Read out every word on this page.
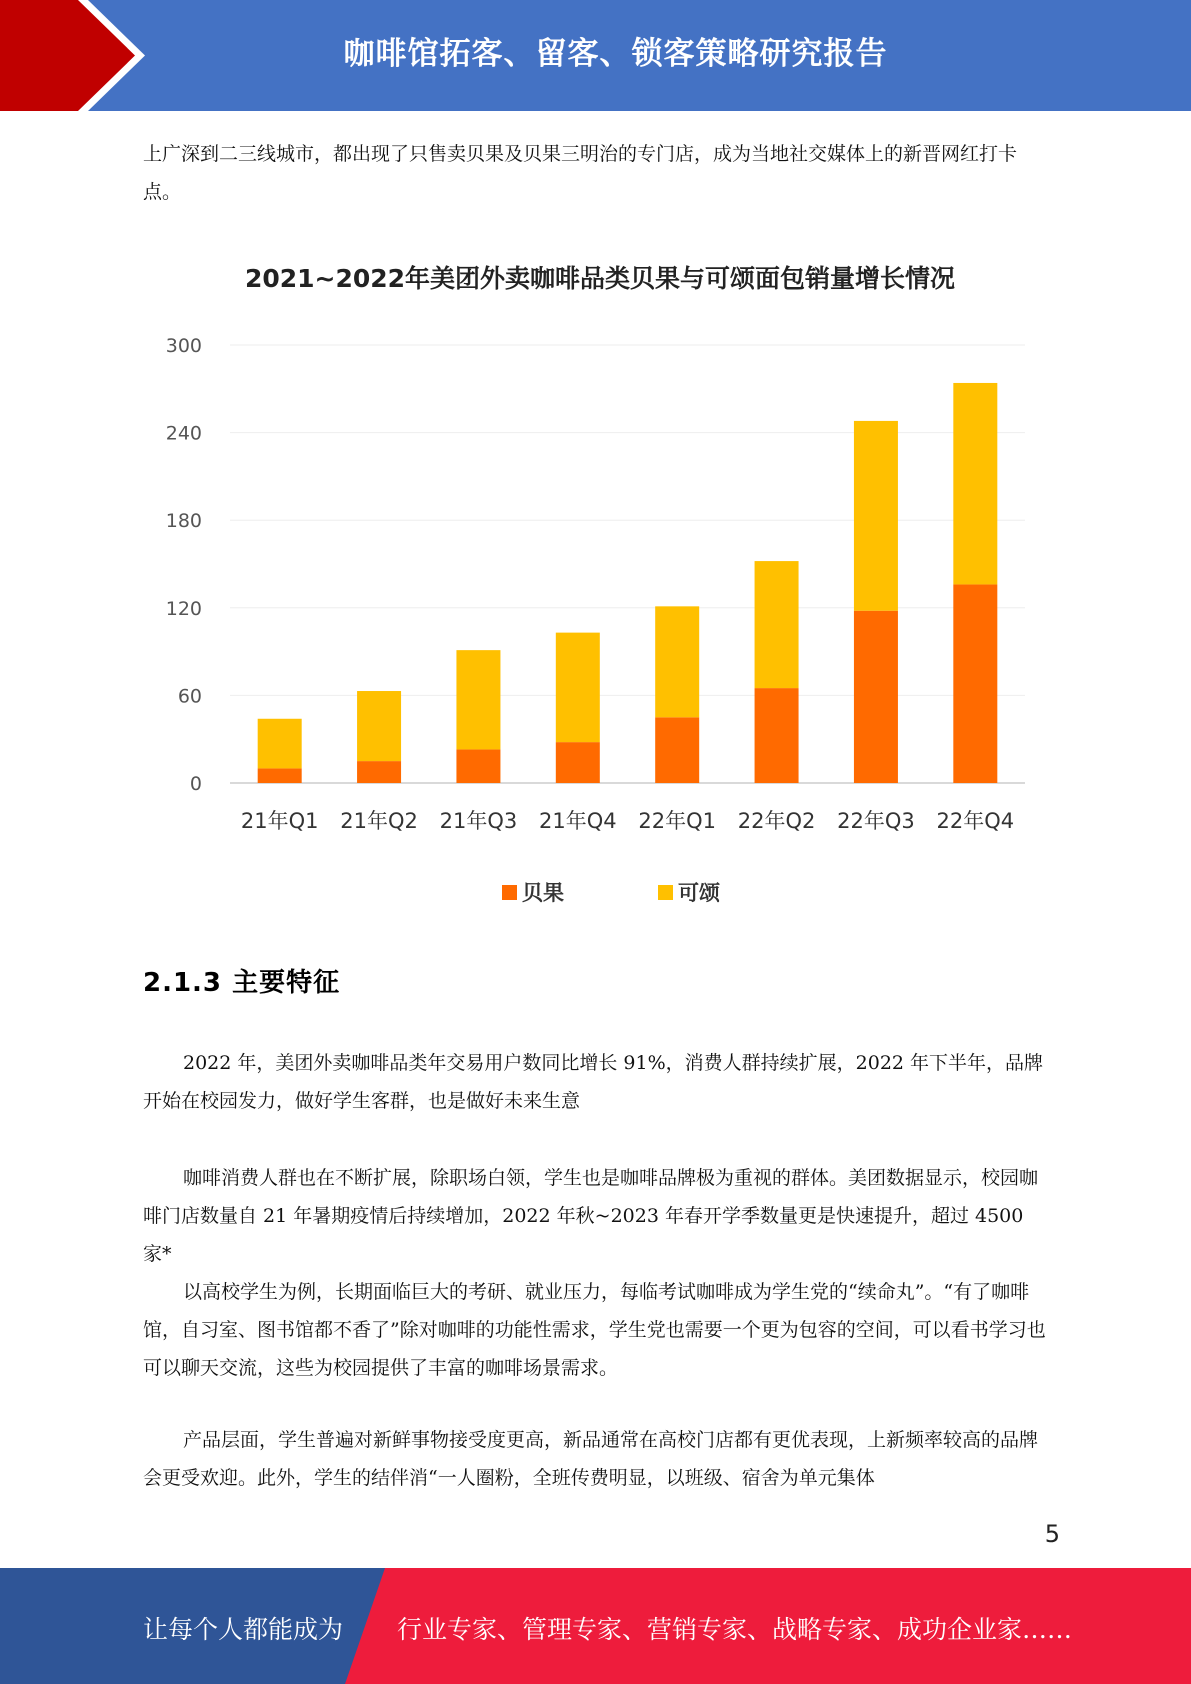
咖啡馆拓客、留客、锁客策略研究报告

上广深到二三线城市，都出现了只售卖贝果及贝果三明治的专门店，成为当地社交媒体上的新晋网红打卡点。

2021~2022年美团外卖咖啡品类贝果与可颂面包销量增长情况
0
60
120
180
240
300
21年Q1 21年Q2 21年Q3 21年Q4 22年Q1 22年Q2 22年Q3 22年Q4
贝果	可颂
2.1.3 主要特征

2022 年，美团外卖咖啡品类年交易用户数同比增长 91%，消费人群持续扩展，2022 年下半年，品牌开始在校园发力，做好学生客群，也是做好未来生意

咖啡消费人群也在不断扩展，除职场白领，学生也是咖啡品牌极为重视的群体。美团数据显示，校园咖啡门店数量自 21 年暑期疫情后持续增加，2022 年秋~2023 年春开学季数量更是快速提升，超过 4500 家*

以高校学生为例，长期面临巨大的考研、就业压力，每临考试咖啡成为学生党的“续命丸”。“有了咖啡馆，自习室、图书馆都不香了”除对咖啡的功能性需求，学生党也需要一个更为包容的空间，可以看书学习也可以聊天交流，这些为校园提供了丰富的咖啡场景需求。

产品层面，学生普遍对新鲜事物接受度更高，新品通常在高校门店都有更优表现，上新频率较高的品牌会更受欢迎。此外，学生的结伴消“一人圈粉，全班传费明显，以班级、宿舍为单元集体

5
让每个人都能成为 行业专家、管理专家、营销专家、战略专家、成功企业家……
